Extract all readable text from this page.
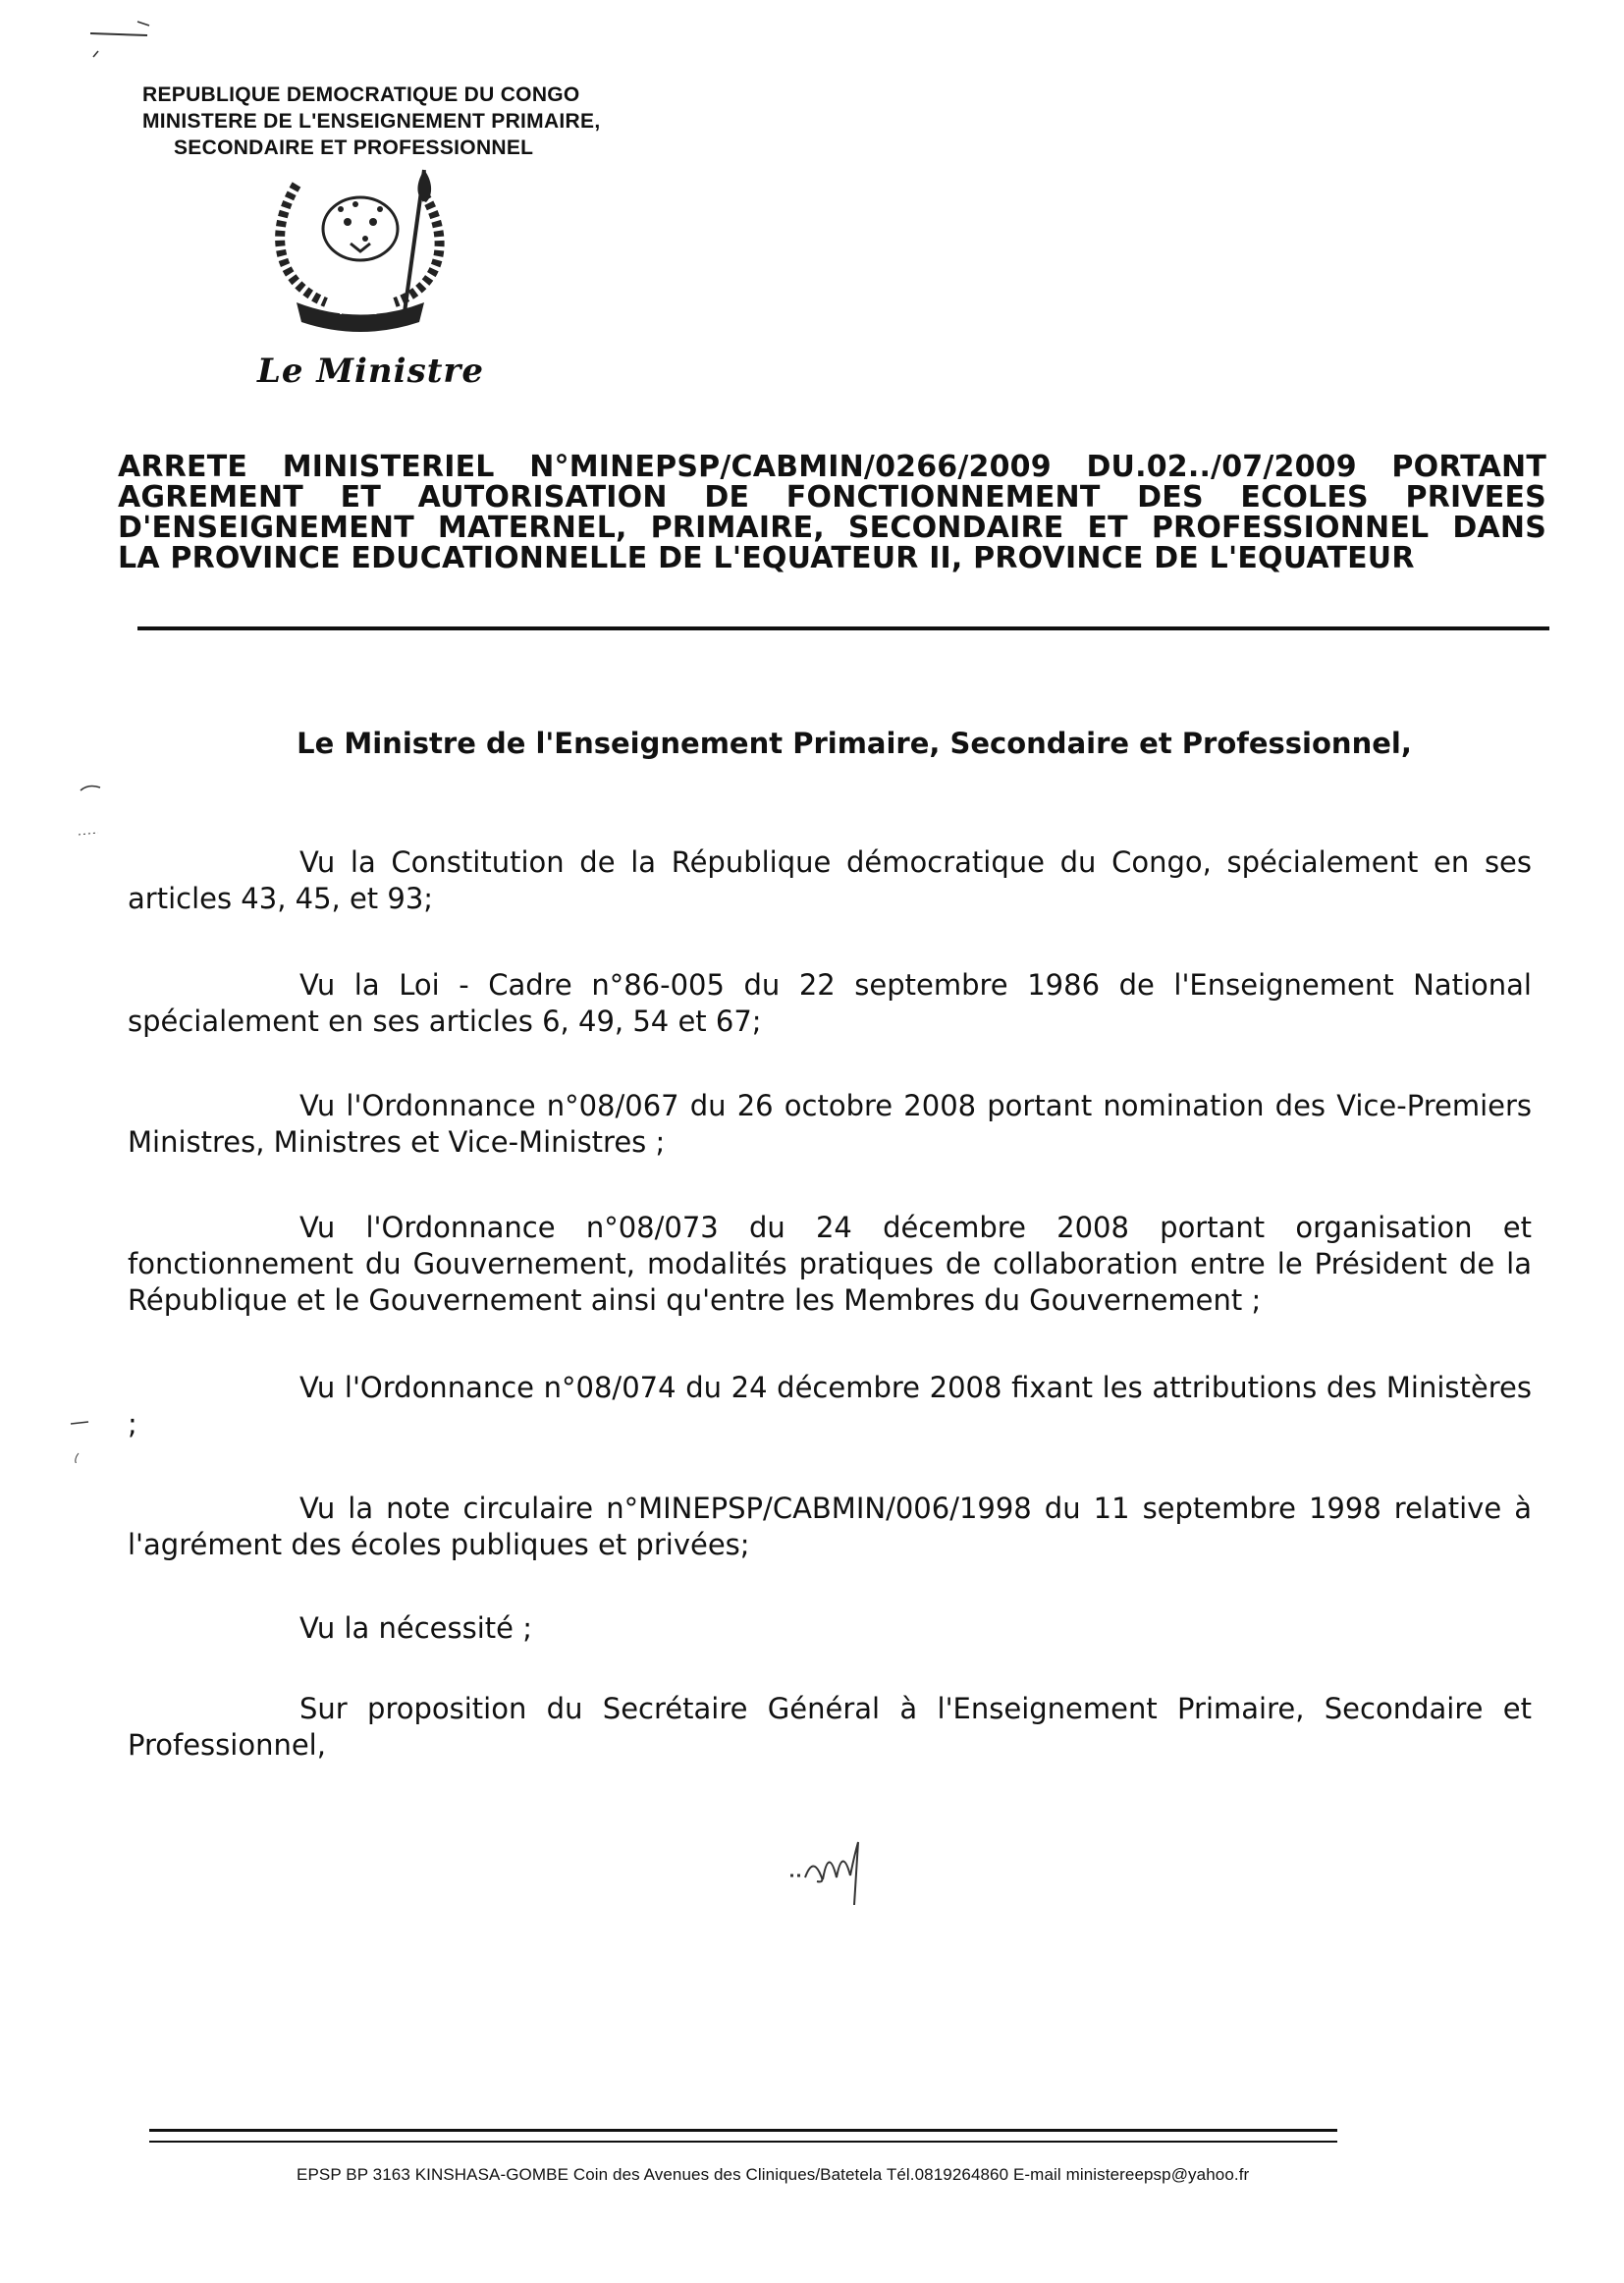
REPUBLIQUE DEMOCRATIQUE DU CONGO
MINISTERE DE L'ENSEIGNEMENT PRIMAIRE,
SECONDAIRE ET PROFESSIONNEL
PAIX
Le Ministre
ARRETE MINISTERIEL N°MINEPSP/CABMIN/0266/2009 DU.02../07/2009 PORTANT
AGREMENT ET AUTORISATION DE FONCTIONNEMENT DES ECOLES PRIVEES
D'ENSEIGNEMENT MATERNEL, PRIMAIRE, SECONDAIRE ET PROFESSIONNEL DANS
LA PROVINCE EDUCATIONNELLE DE L'EQUATEUR II, PROVINCE DE L'EQUATEUR
Le Ministre de l'Enseignement Primaire, Secondaire et Professionnel,

Vu la Constitution de la République démocratique du Congo, spécialement en ses articles 43, 45, et 93;

Vu la Loi - Cadre n°86-005 du 22 septembre 1986 de l'Enseignement National spécialement en ses articles 6, 49, 54 et 67;

Vu l'Ordonnance n°08/067 du 26 octobre 2008 portant nomination des Vice-Premiers Ministres, Ministres et Vice-Ministres ;

Vu l'Ordonnance n°08/073 du 24 décembre 2008 portant organisation et fonctionnement du Gouvernement, modalités pratiques de collaboration entre le Président de la République et le Gouvernement ainsi qu'entre les Membres du Gouvernement ;

Vu l'Ordonnance n°08/074 du 24 décembre 2008 fixant les attributions des Ministères ;

Vu la note circulaire n°MINEPSP/CABMIN/006/1998 du 11 septembre 1998 relative à l'agrément des écoles publiques et privées;

Vu la nécessité ;

Sur proposition du Secrétaire Général à l'Enseignement Primaire, Secondaire et Professionnel,

EPSP BP 3163 KINSHASA-GOMBE Coin des Avenues des Cliniques/Batetela Tél.0819264860 E-mail ministereepsp@yahoo.fr
